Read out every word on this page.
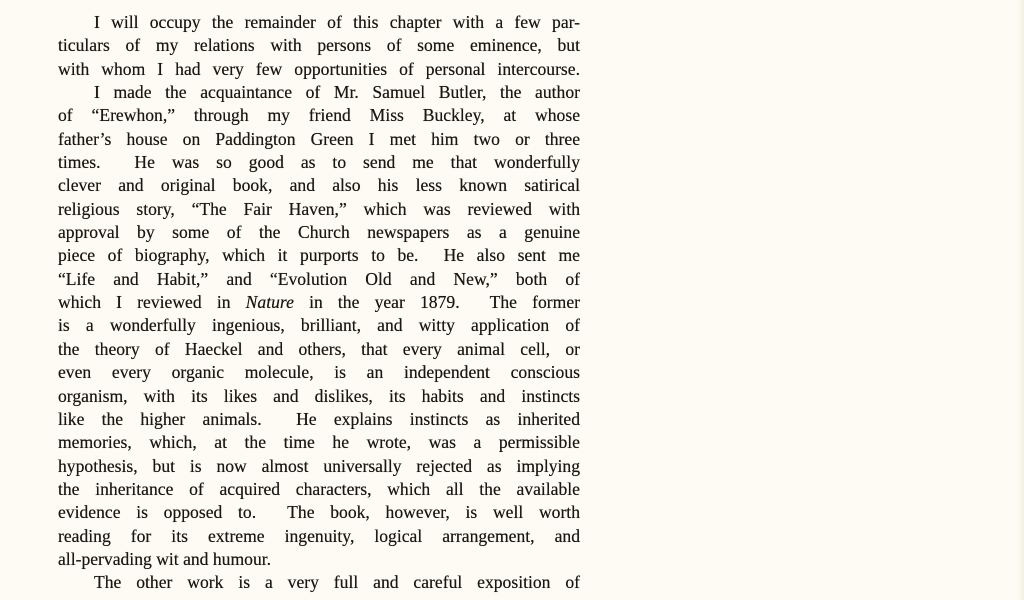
I will occupy the remainder of this chapter with a few par-
ticulars of my relations with persons of some eminence, but
with whom I had very few opportunities of personal intercourse.
I made the acquaintance of Mr. Samuel Butler, the author
of “Erewhon,” through my friend Miss Buckley, at whose
father’s house on Paddington Green I met him two or three
times.  He was so good as to send me that wonderfully
clever and original book, and also his less known satirical
religious story, “The Fair Haven,” which was reviewed with
approval by some of the Church newspapers as a genuine
piece of biography, which it purports to be.  He also sent me
“Life and Habit,” and “Evolution Old and New,” both of
which I reviewed in Nature in the year 1879.  The former
is a wonderfully ingenious, brilliant, and witty application of
the theory of Haeckel and others, that every animal cell, or
even every organic molecule, is an independent conscious
organism, with its likes and dislikes, its habits and instincts
like the higher animals.  He explains instincts as inherited
memories, which, at the time he wrote, was a permissible
hypothesis, but is now almost universally rejected as implying
the inheritance of acquired characters, which all the available
evidence is opposed to.  The book, however, is well worth
reading for its extreme ingenuity, logical arrangement, and
all-pervading wit and humour.
The other work is a very full and careful exposition of
